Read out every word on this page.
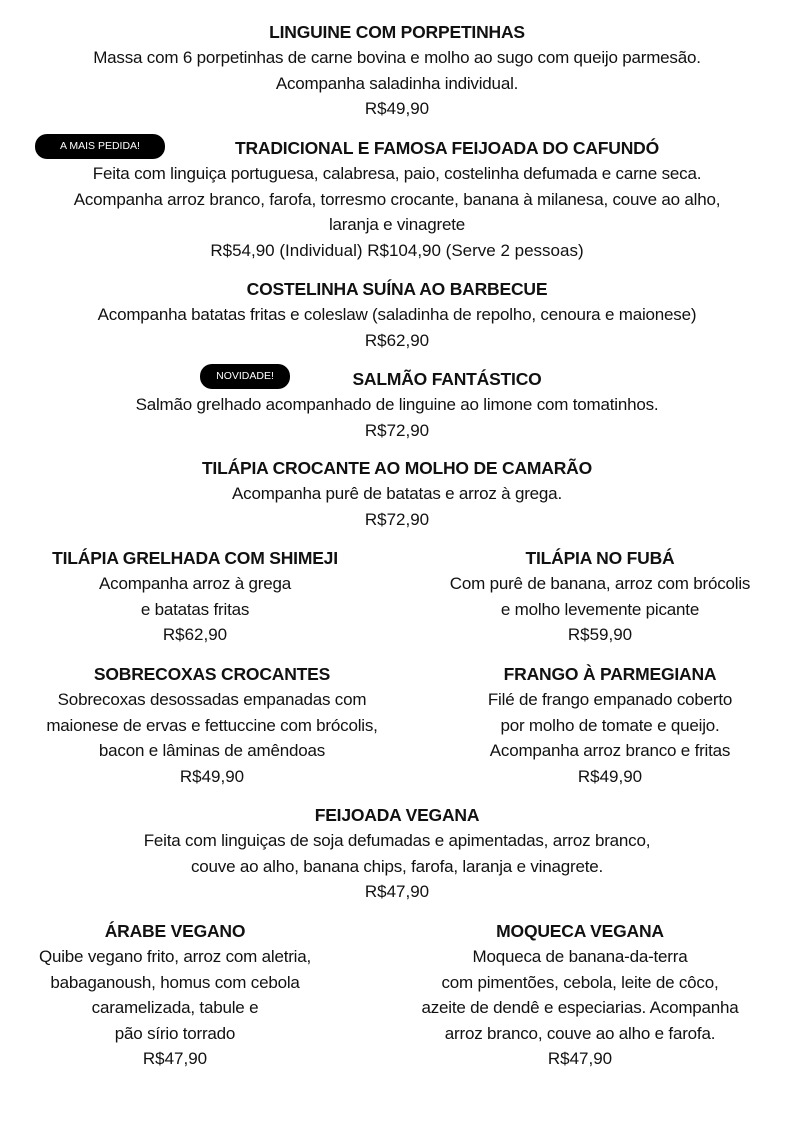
LINGUINE COM PORPETINHAS
Massa com 6 porpetinhas de carne bovina e molho ao sugo com queijo parmesão.
Acompanha saladinha individual.
R$49,90
A MAIS PEDIDA!	TRADICIONAL E FAMOSA FEIJOADA DO CAFUNDÓ
Feita com linguiça portuguesa, calabresa, paio, costelinha defumada e carne seca.
Acompanha arroz branco, farofa, torresmo crocante, banana à milanesa, couve ao alho,
laranja e vinagrete
R$54,90 (Individual) R$104,90 (Serve 2 pessoas)
COSTELINHA SUÍNA AO BARBECUE
Acompanha batatas fritas e coleslaw (saladinha de repolho, cenoura e maionese)
R$62,90
NOVIDADE!	SALMÃO FANTÁSTICO
Salmão grelhado acompanhado de linguine ao limone com tomatinhos.
R$72,90
TILÁPIA CROCANTE AO MOLHO DE CAMARÃO
Acompanha purê de batatas e arroz à grega.
R$72,90
TILÁPIA GRELHADA COM SHIMEJI
Acompanha arroz à grega
e batatas fritas
R$62,90
TILÁPIA NO FUBÁ
Com purê de banana, arroz com brócolis
e molho levemente picante
R$59,90
SOBRECOXAS CROCANTES
Sobrecoxas desossadas empanadas com
maionese de ervas e fettuccine com brócolis,
bacon e lâminas de amêndoas
R$49,90
FRANGO À PARMEGIANA
Filé de frango empanado coberto
por molho de tomate e queijo.
Acompanha arroz branco e fritas
R$49,90
FEIJOADA VEGANA
Feita com linguiças de soja defumadas e apimentadas, arroz branco,
couve ao alho, banana chips, farofa, laranja e vinagrete.
R$47,90
ÁRABE VEGANO
Quibe vegano frito, arroz com aletria,
babaganoush, homus com cebola
caramelizada, tabule e
pão sírio torrado
R$47,90
MOQUECA VEGANA
Moqueca de banana-da-terra
com pimentões, cebola, leite de côco,
azeite de dendê e especiarias. Acompanha
arroz branco, couve ao alho e farofa.
R$47,90
